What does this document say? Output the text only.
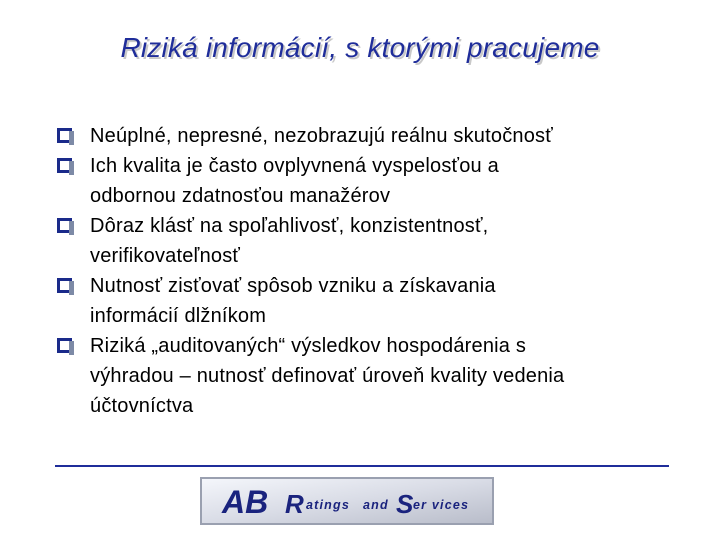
Riziká informácií, s ktorými pracujeme
Neúplné, nepresné, nezobrazujú reálnu skutočnosť
Ich kvalita je často ovplyvnená vyspelosťou a
odbornou zdatnosťou manažérov
Dôraz klásť na spoľahlivosť, konzistentnosť,
verifikovateľnosť
Nutnosť zisťovať spôsob vzniku a získavania
informácií dlžníkom
Riziká „auditovaných“ výsledkov hospodárenia s
výhradou – nutnosť definovať úroveň kvality vedenia
účtovníctva
AB R atings and S er vices
